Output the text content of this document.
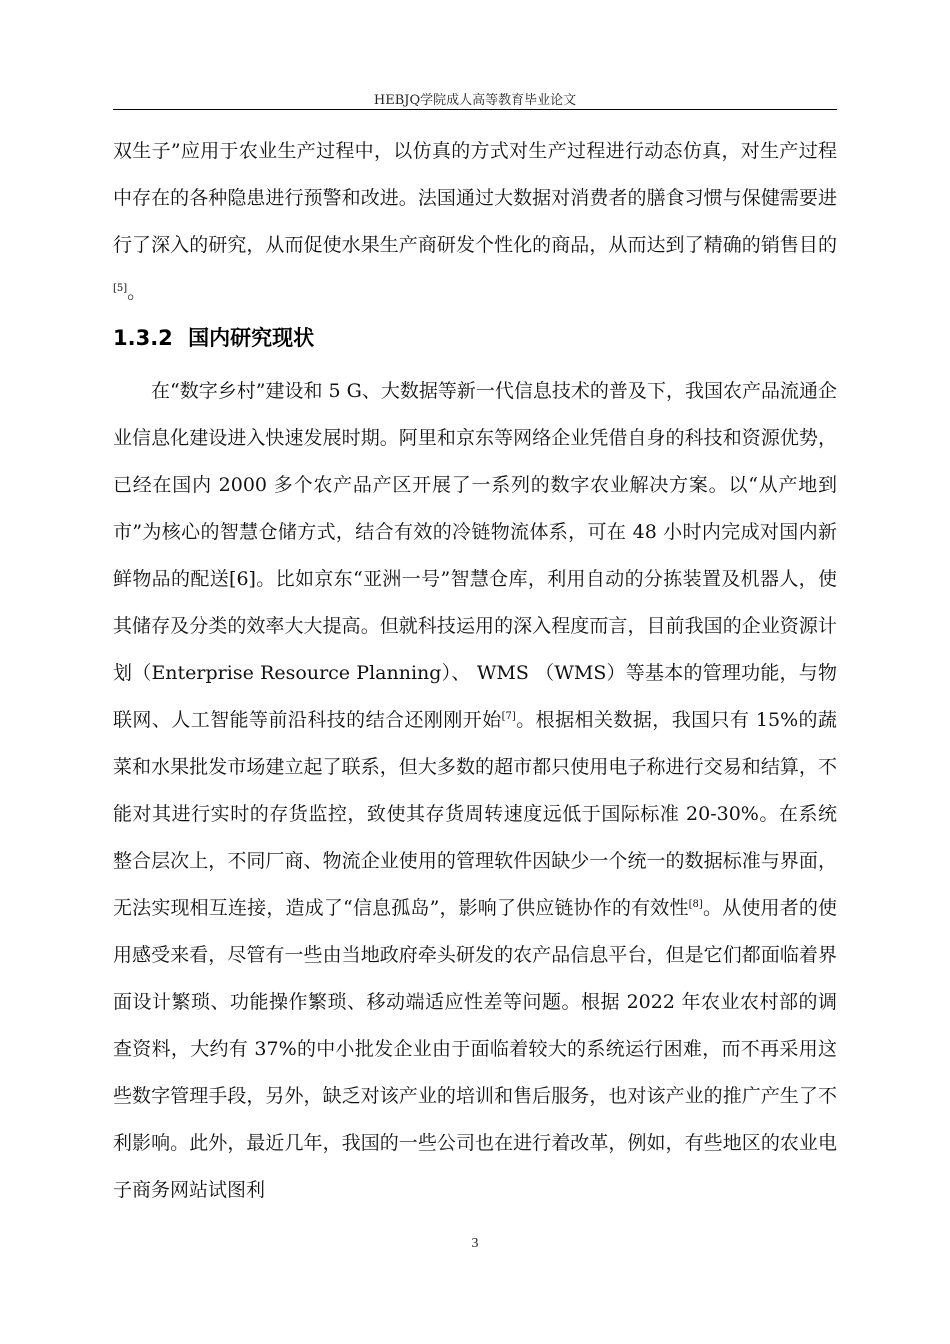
HEBJQ学院成人高等教育毕业论文

双生子”应用于农业生产过程中，以仿真的方式对生产过程进行动态仿真，对生产过程中存在的各种隐患进行预警和改进。法国通过大数据对消费者的膳食习惯与保健需要进行了深入的研究，从而促使水果生产商研发个性化的商品，从而达到了精确的销售目的[5]。

1.3.2 国内研究现状

在“数字乡村”建设和 5 G、大数据等新一代信息技术的普及下，我国农产品流通企业信息化建设进入快速发展时期。阿里和京东等网络企业凭借自身的科技和资源优势，已经在国内 2000 多个农产品产区开展了一系列的数字农业解决方案。以“从产地到市”为核心的智慧仓储方式，结合有效的冷链物流体系，可在 48 小时内完成对国内新鲜物品的配送[6]。比如京东“亚洲一号”智慧仓库，利用自动的分拣装置及机器人，使其储存及分类的效率大大提高。但就科技运用的深入程度而言，目前我国的企业资源计划（Enterprise Resource Planning）、 WMS （WMS）等基本的管理功能，与物联网、人工智能等前沿科技的结合还刚刚开始[7]。根据相关数据，我国只有 15%的蔬菜和水果批发市场建立起了联系，但大多数的超市都只使用电子称进行交易和结算，不能对其进行实时的存货监控，致使其存货周转速度远低于国际标准 20-30%。在系统整合层次上，不同厂商、物流企业使用的管理软件因缺少一个统一的数据标准与界面，无法实现相互连接，造成了“信息孤岛”，影响了供应链协作的有效性[8]。从使用者的使用感受来看，尽管有一些由当地政府牵头研发的农产品信息平台，但是它们都面临着界面设计繁琐、功能操作繁琐、移动端适应性差等问题。根据 2022 年农业农村部的调查资料，大约有 37%的中小批发企业由于面临着较大的系统运行困难，而不再采用这些数字管理手段，另外，缺乏对该产业的培训和售后服务，也对该产业的推广产生了不利影响。此外，最近几年，我国的一些公司也在进行着改革，例如，有些地区的农业电子商务网站试图利

3
